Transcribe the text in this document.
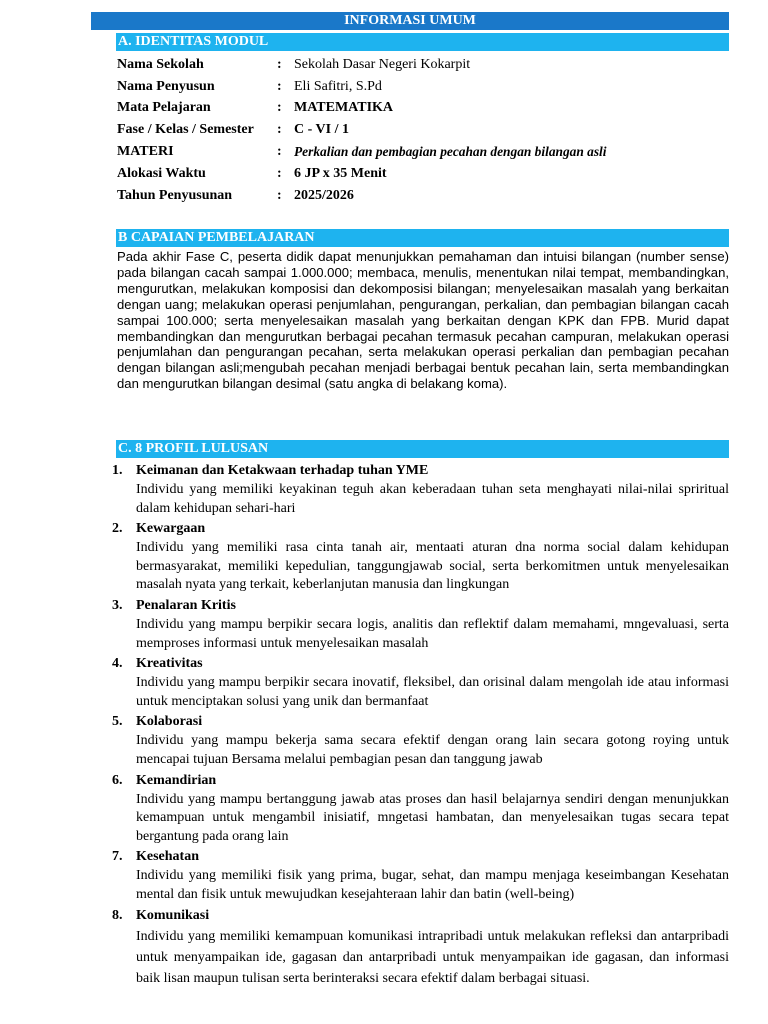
INFORMASI UMUM
A. IDENTITAS MODUL
Nama Sekolah	: Sekolah Dasar Negeri Kokarpit
Nama Penyusun	: Eli Safitri, S.Pd
Mata Pelajaran	: MATEMATIKA
Fase / Kelas / Semester	: C - VI / 1
MATERI	: Perkalian dan pembagian pecahan dengan bilangan asli
Alokasi Waktu	: 6 JP x 35 Menit
Tahun Penyusunan	: 2025/2026
B CAPAIAN PEMBELAJARAN

Pada akhir Fase C, peserta didik dapat menunjukkan pemahaman dan intuisi bilangan (number sense) pada bilangan cacah sampai 1.000.000; membaca, menulis, menentukan nilai tempat, membandingkan, mengurutkan, melakukan komposisi dan dekomposisi bilangan; menyelesaikan masalah yang berkaitan dengan uang; melakukan operasi penjumlahan, pengurangan, perkalian, dan pembagian bilangan cacah sampai 100.000; serta menyelesaikan masalah yang berkaitan dengan KPK dan FPB. Murid dapat membandingkan dan mengurutkan berbagai pecahan termasuk pecahan campuran, melakukan operasi penjumlahan dan pengurangan pecahan, serta melakukan operasi perkalian dan pembagian pecahan dengan bilangan asli;mengubah pecahan menjadi berbagai bentuk pecahan lain, serta membandingkan dan mengurutkan bilangan desimal (satu angka di belakang koma).

C. 8 PROFIL LULUSAN
1. Keimanan dan Ketakwaan terhadap tuhan YME
Individu yang memiliki keyakinan teguh akan keberadaan tuhan seta menghayati nilai-nilai spriritual dalam kehidupan sehari-hari
2. Kewargaan
Individu yang memiliki rasa cinta tanah air, mentaati aturan dna norma social dalam kehidupan bermasyarakat, memiliki kepedulian, tanggungjawab social, serta berkomitmen untuk menyelesaikan masalah nyata yang terkait, keberlanjutan manusia dan lingkungan
3. Penalaran Kritis
Individu yang mampu berpikir secara logis, analitis dan reflektif dalam memahami, mngevaluasi, serta memproses informasi untuk menyelesaikan masalah
4. Kreativitas
Individu yang mampu berpikir secara inovatif, fleksibel, dan orisinal dalam mengolah ide atau informasi untuk menciptakan solusi yang unik dan bermanfaat
5. Kolaborasi
Individu yang mampu bekerja sama secara efektif dengan orang lain secara gotong roying untuk mencapai tujuan Bersama melalui pembagian pesan dan tanggung jawab
6. Kemandirian
Individu yang mampu bertanggung jawab atas proses dan hasil belajarnya sendiri dengan menunjukkan kemampuan untuk mengambil inisiatif, mngetasi hambatan, dan menyelesaikan tugas secara tepat bergantung pada orang lain
7. Kesehatan
Individu yang memiliki fisik yang prima, bugar, sehat, dan mampu menjaga keseimbangan Kesehatan mental dan fisik untuk mewujudkan kesejahteraan lahir dan batin (well-being)
8. Komunikasi
Individu yang memiliki kemampuan komunikasi intrapribadi untuk melakukan refleksi dan antarpribadi untuk menyampaikan ide, gagasan dan antarpribadi untuk menyampaikan ide gagasan, dan informasi baik lisan maupun tulisan serta berinteraksi secara efektif dalam berbagai situasi.
